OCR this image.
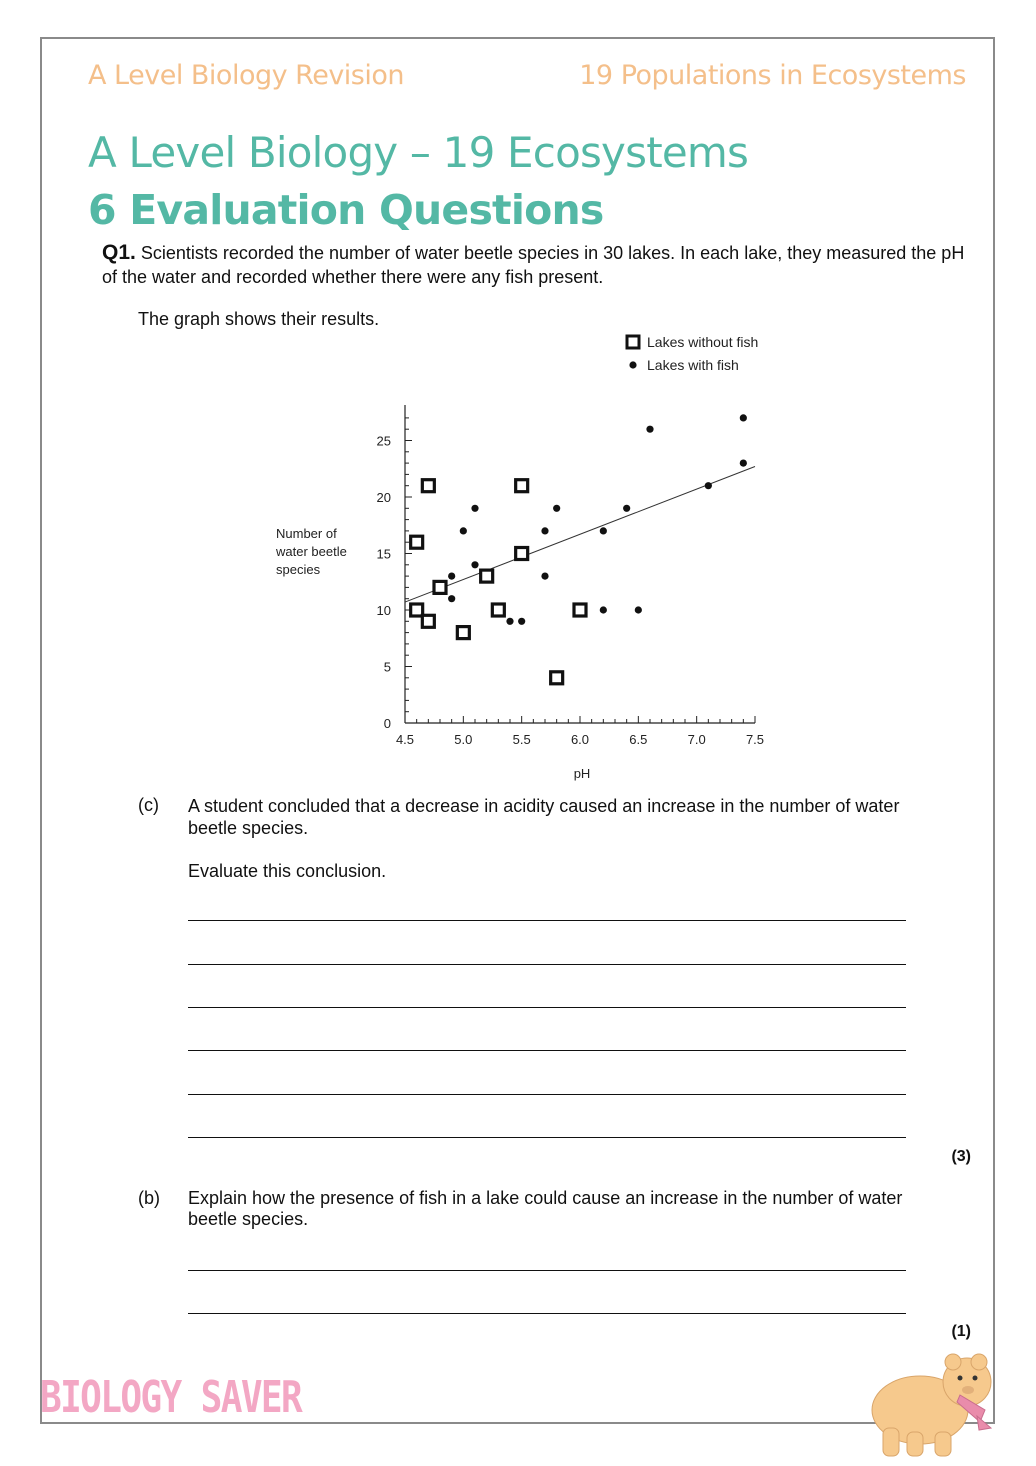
A Level Biology Revision	19 Populations in Ecosystems
A Level Biology – 19 Ecosystems
6 Evaluation Questions
Q1. Scientists recorded the number of water beetle species in 30 lakes. In each lake, they measured the pH of the water and recorded whether there were any fish present.
The graph shows their results.
0
5
10
15
20
25
4.5	5.0	5.5	6.0	6.5	7.0	7.5
pH
Number of
water beetle
species
Lakes without fish
Lakes with fish
(c) A student concluded that a decrease in acidity caused an increase in the number of water beetle species.
Evaluate this conclusion.
(3)
(b) Explain how the presence of fish in a lake could cause an increase in the number of water beetle species.
(1)
BIOLOGY SAVER
